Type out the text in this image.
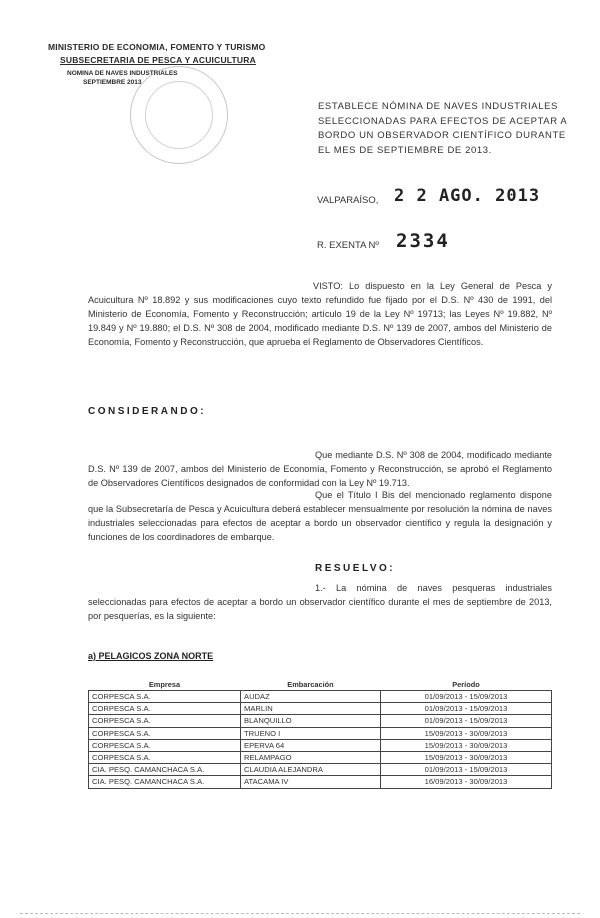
MINISTERIO DE ECONOMIA, FOMENTO Y TURISMO
SUBSECRETARIA DE PESCA Y ACUICULTURA
NOMINA DE NAVES INDUSTRIALES
SEPTIEMBRE 2013
ESTABLECE NÓMINA DE NAVES INDUSTRIALES SELECCIONADAS PARA EFECTOS DE ACEPTAR A BORDO UN OBSERVADOR CIENTÍFICO DURANTE EL MES DE SEPTIEMBRE DE 2013.
VALPARAÍSO, 2 2 AGO. 2013
R. EXENTA Nº 2334
VISTO: Lo dispuesto en la Ley General de Pesca y Acuicultura Nº 18.892 y sus modificaciones cuyo texto refundido fue fijado por el D.S. Nº 430 de 1991, del Ministerio de Economía, Fomento y Reconstrucción; artículo 19 de la Ley Nº 19713; las Leyes Nº 19.882, Nº 19.849 y Nº 19.880; el D.S. Nº 308 de 2004, modificado mediante D.S. Nº 139 de 2007, ambos del Ministerio de Economía, Fomento y Reconstrucción, que aprueba el Reglamento de Observadores Científicos.
CONSIDERANDO:
Que mediante D.S. Nº 308 de 2004, modificado mediante D.S. Nº 139 de 2007, ambos del Ministerio de Economía, Fomento y Reconstrucción, se aprobó el Reglamento de Observadores Científicos designados de conformidad con la Ley Nº 19.713.
Que el Título I Bis del mencionado reglamento dispone que la Subsecretaría de Pesca y Acuicultura deberá establecer mensualmente por resolución la nómina de naves industriales seleccionadas para efectos de aceptar a bordo un observador científico y regula la designación y funciones de los coordinadores de embarque.
RESUELVO:
1.- La nómina de naves pesqueras industriales seleccionadas para efectos de aceptar a bordo un observador científico durante el mes de septiembre de 2013, por pesquerías, es la siguiente:
a) PELAGICOS ZONA NORTE
Empresa	Embarcación	Período
CORPESCA S.A.	AUDAZ	01/09/2013 - 15/09/2013
CORPESCA S.A.	MARLIN	01/09/2013 - 15/09/2013
CORPESCA S.A.	BLANQUILLO	01/09/2013 - 15/09/2013
CORPESCA S.A.	TRUENO I	15/09/2013 - 30/09/2013
CORPESCA S.A.	EPERVA 64	15/09/2013 - 30/09/2013
CORPESCA S.A.	RELAMPAGO	15/09/2013 - 30/09/2013
CIA. PESQ. CAMANCHACA S.A.	CLAUDIA ALEJANDRA	01/09/2013 - 15/09/2013
CIA. PESQ. CAMANCHACA S.A.	ATACAMA IV	16/09/2013 - 30/09/2013
